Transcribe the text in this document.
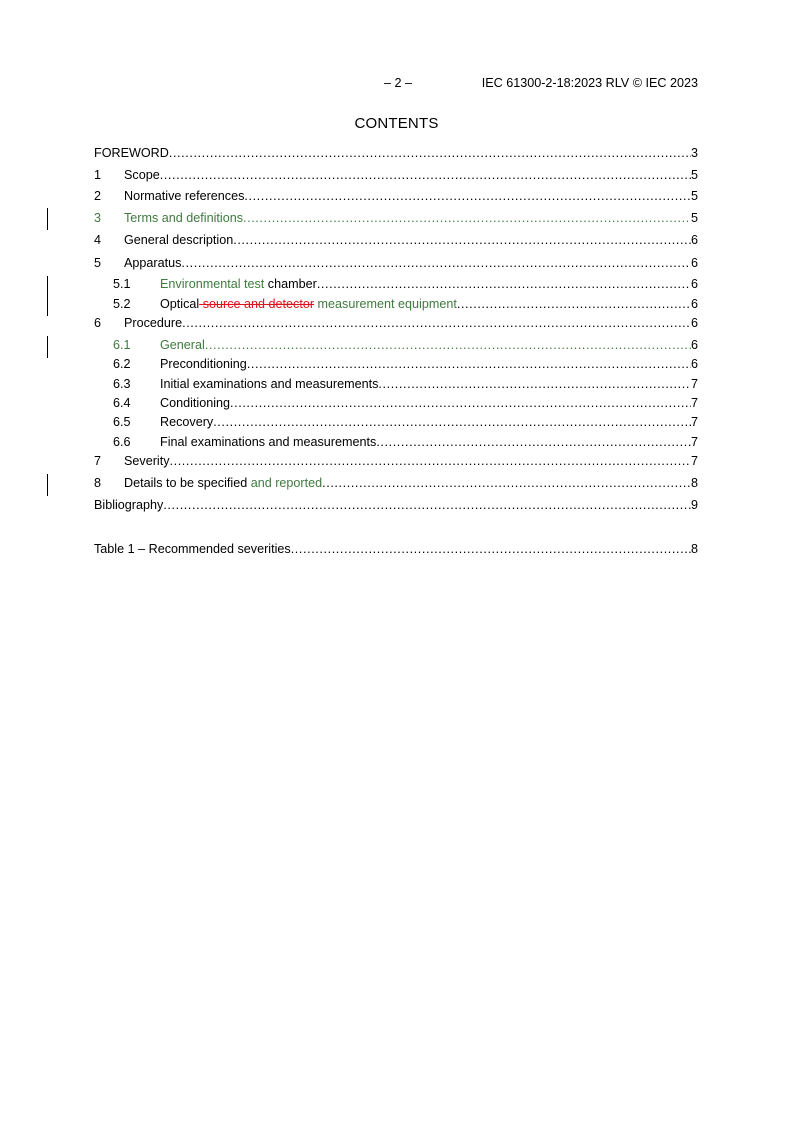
– 2 –	IEC 61300-2-18:2023 RLV © IEC 2023
CONTENTS
FOREWORD .....	3
1	Scope .....	5
2	Normative references .....	5
3	Terms and definitions .....	5
4	General description .....	6
5	Apparatus .....	6
5.1	Environmental test chamber .....	6
5.2	Optical source and detector measurement equipment .....	6
6	Procedure .....	6
6.1	General .....	6
6.2	Preconditioning .....	6
6.3	Initial examinations and measurements .....	7
6.4	Conditioning .....	7
6.5	Recovery .....	7
6.6	Final examinations and measurements .....	7
7	Severity .....	7
8	Details to be specified and reported .....	8
Bibliography .....	9
Table 1 – Recommended severities .....	8
